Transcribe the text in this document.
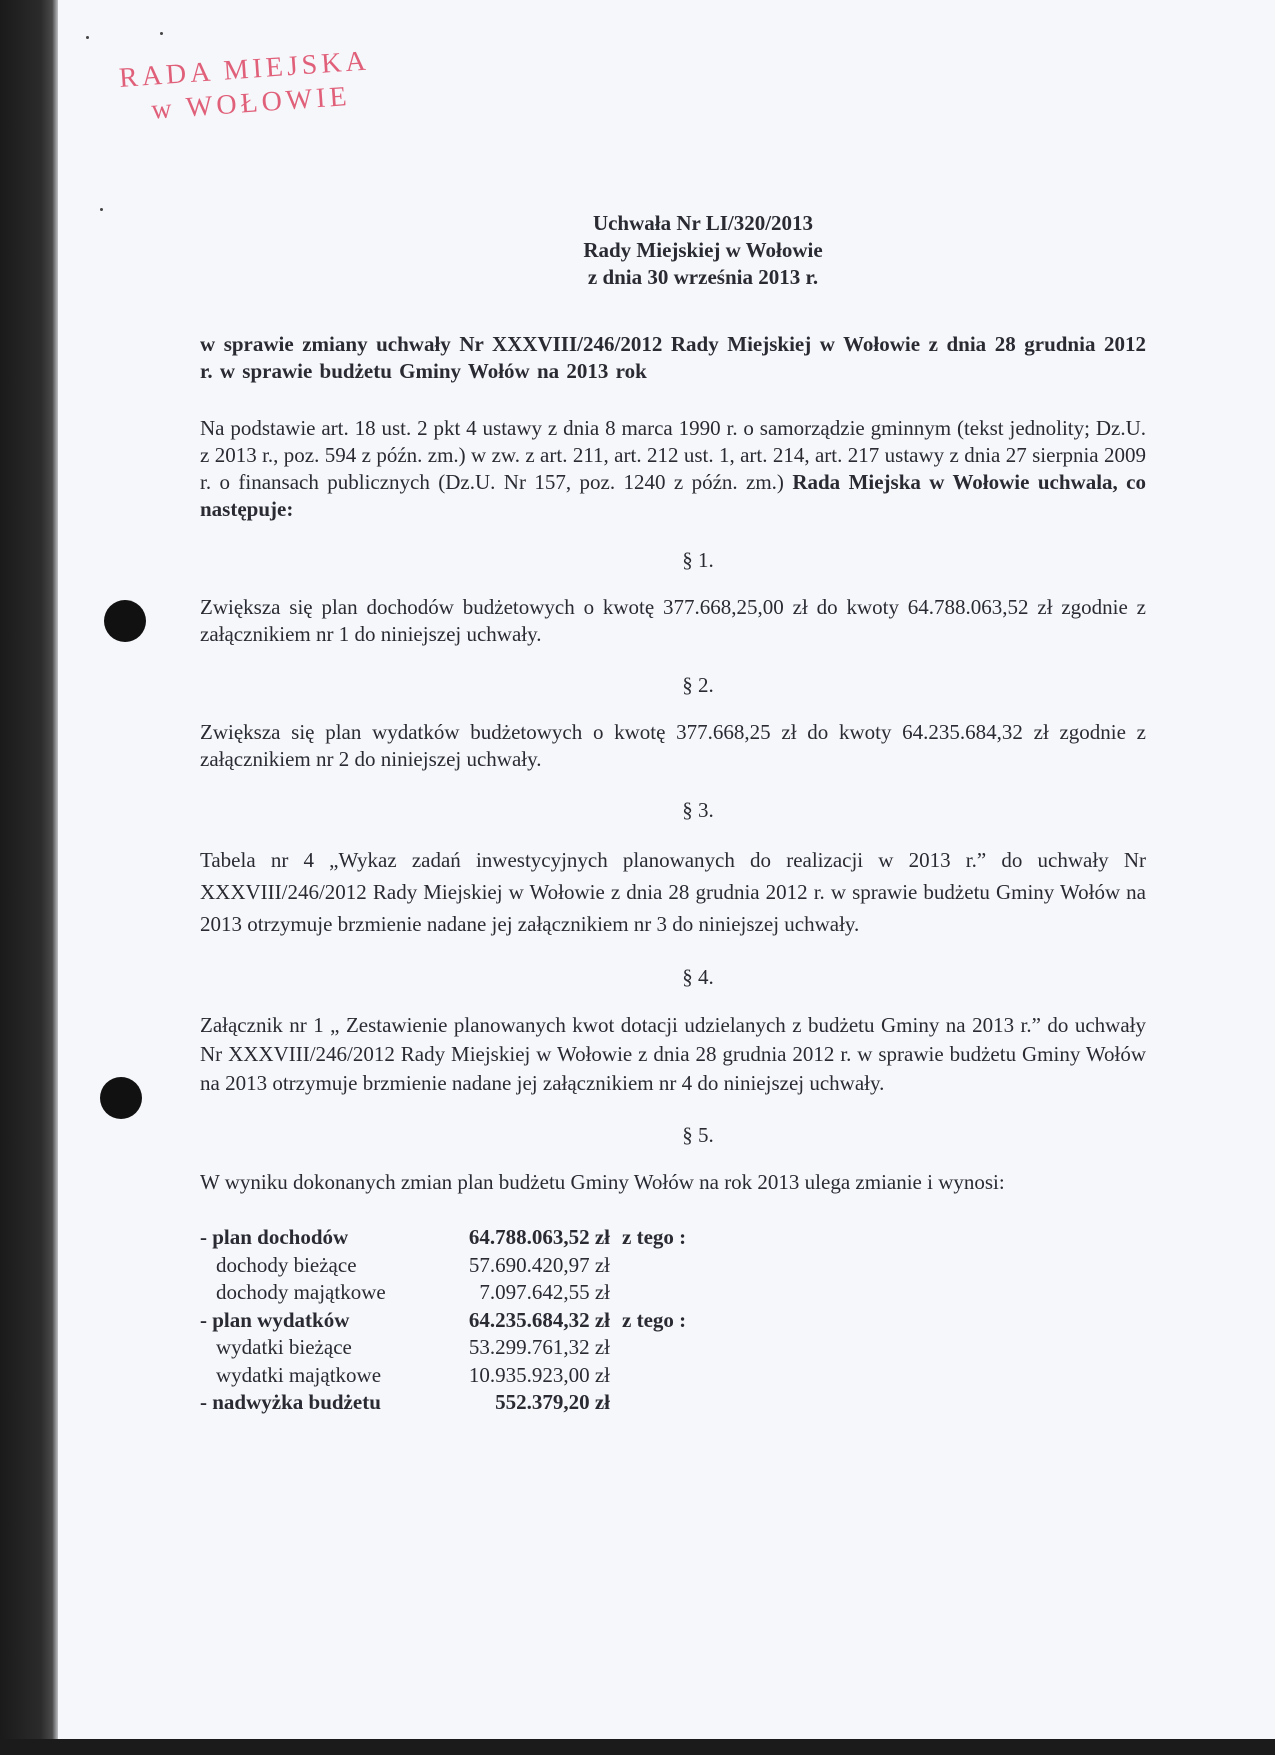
RADA MIEJSKA
w WOŁOWIE
Uchwała Nr LI/320/2013
Rady Miejskiej w Wołowie
z dnia 30 września 2013 r.
w sprawie zmiany uchwały Nr XXXVIII/246/2012 Rady Miejskiej w Wołowie z dnia 28 grudnia 2012 r. w sprawie budżetu Gminy Wołów na 2013 rok
Na podstawie art. 18 ust. 2 pkt 4 ustawy z dnia 8 marca 1990 r. o samorządzie gminnym (tekst jednolity; Dz.U. z 2013 r., poz. 594 z późn. zm.) w zw. z art. 211, art. 212 ust. 1, art. 214, art. 217 ustawy z dnia 27 sierpnia 2009 r. o finansach publicznych (Dz.U. Nr 157, poz. 1240 z późn. zm.) Rada Miejska w Wołowie uchwala, co następuje:
§ 1.
Zwiększa się plan dochodów budżetowych o kwotę 377.668,25,00 zł do kwoty 64.788.063,52 zł zgodnie z załącznikiem nr 1 do niniejszej uchwały.
§ 2.
Zwiększa się plan wydatków budżetowych o kwotę 377.668,25 zł do kwoty 64.235.684,32 zł zgodnie z załącznikiem nr 2 do niniejszej uchwały.
§ 3.
Tabela nr 4 „Wykaz zadań inwestycyjnych planowanych do realizacji w 2013 r.” do uchwały Nr XXXVIII/246/2012 Rady Miejskiej w Wołowie z dnia 28 grudnia 2012 r. w sprawie budżetu Gminy Wołów na 2013 otrzymuje brzmienie nadane jej załącznikiem nr 3 do niniejszej uchwały.
§ 4.
Załącznik nr 1 „ Zestawienie planowanych kwot dotacji udzielanych z budżetu Gminy na 2013 r.” do uchwały Nr XXXVIII/246/2012 Rady Miejskiej w Wołowie z dnia 28 grudnia 2012 r. w sprawie budżetu Gminy Wołów na 2013 otrzymuje brzmienie nadane jej załącznikiem nr 4 do niniejszej uchwały.
§ 5.
W wyniku dokonanych zmian plan budżetu Gminy Wołów na rok 2013 ulega zmianie i wynosi:
- plan dochodów	64.788.063,52 zł z tego :
dochody bieżące	57.690.420,97 zł
dochody majątkowe	7.097.642,55 zł
- plan wydatków	64.235.684,32 zł z tego :
wydatki bieżące	53.299.761,32 zł
wydatki majątkowe	10.935.923,00 zł
- nadwyżka budżetu	552.379,20 zł
